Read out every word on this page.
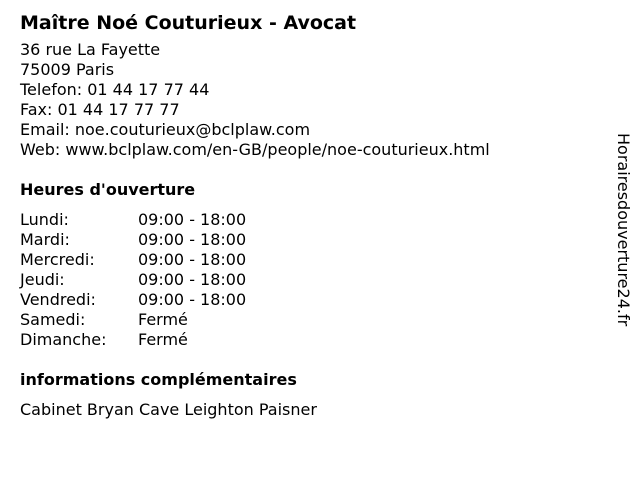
Maître Noé Couturieux - Avocat
36 rue La Fayette
75009 Paris
Telefon: 01 44 17 77 44
Fax: 01 44 17 77 77
Email: noe.couturieux@bclplaw.com
Web: www.bclplaw.com/en-GB/people/noe-couturieux.html
Heures d'ouverture
Lundi:	09:00 - 18:00
Mardi:	09:00 - 18:00
Mercredi:	09:00 - 18:00
Jeudi:	09:00 - 18:00
Vendredi:	09:00 - 18:00
Samedi:	Fermé
Dimanche:	Fermé
informations complémentaires
Cabinet Bryan Cave Leighton Paisner
Horairesdouverture24.fr
